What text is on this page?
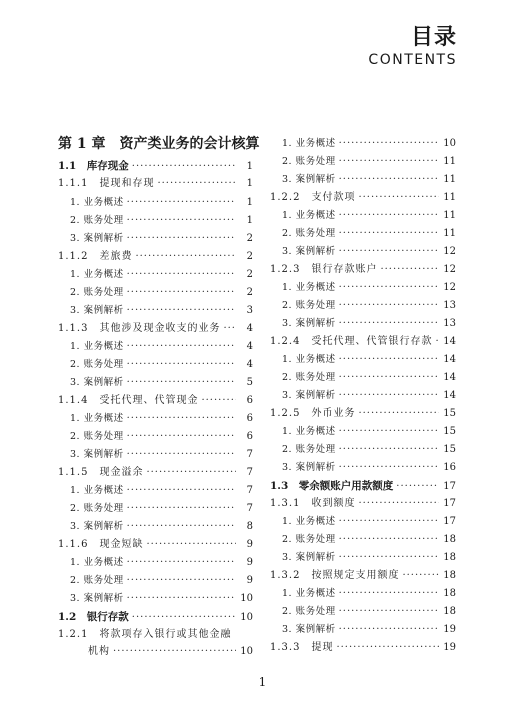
目录
CONTENTS
第 1 章　资产类业务的会计核算
1.1　库存现金 ·····	1
1.1.1　提现和存现 ·····	1
1. 业务概述 ·····	1
2. 账务处理 ·····	1
3. 案例解析 ·····	2
1.1.2　差旅费 ·····	2
1. 业务概述 ·····	2
2. 账务处理 ·····	2
3. 案例解析 ·····	3
1.1.3　其他涉及现金收支的业务 ·····	4
1. 业务概述 ·····	4
2. 账务处理 ·····	4
3. 案例解析 ·····	5
1.1.4　受托代理、代管现金 ·····	6
1. 业务概述 ·····	6
2. 账务处理 ·····	6
3. 案例解析 ·····	7
1.1.5　现金溢余 ·····	7
1. 业务概述 ·····	7
2. 账务处理 ·····	7
3. 案例解析 ·····	8
1.1.6　现金短缺 ·····	9
1. 业务概述 ·····	9
2. 账务处理 ·····	9
3. 案例解析 ·····	10
1.2　银行存款 ·····	10
1.2.1　将款项存入银行或其他金融
机构 ·····	10
1. 业务概述 ·····	10
2. 账务处理 ·····	11
3. 案例解析 ·····	11
1.2.2　支付款项 ·····	11
1. 业务概述 ·····	11
2. 账务处理 ·····	11
3. 案例解析 ·····	12
1.2.3　银行存款账户 ·····	12
1. 业务概述 ·····	12
2. 账务处理 ·····	13
3. 案例解析 ·····	13
1.2.4　受托代理、代管银行存款 ····· 14
1. 业务概述 ·····	14
2. 账务处理 ·····	14
3. 案例解析 ·····	14
1.2.5　外币业务 ·····	15
1. 业务概述 ·····	15
2. 账务处理 ·····	15
3. 案例解析 ·····	16
1.3　零余额账户用款额度 ·····	17
1.3.1　收到额度 ·····	17
1. 业务概述 ·····	17
2. 账务处理 ·····	18
3. 案例解析 ·····	18
1.3.2　按照规定支用额度 ·····	18
1. 业务概述 ·····	18
2. 账务处理 ·····	18
3. 案例解析 ·····	19
1.3.3　提现 ·····	19
1
